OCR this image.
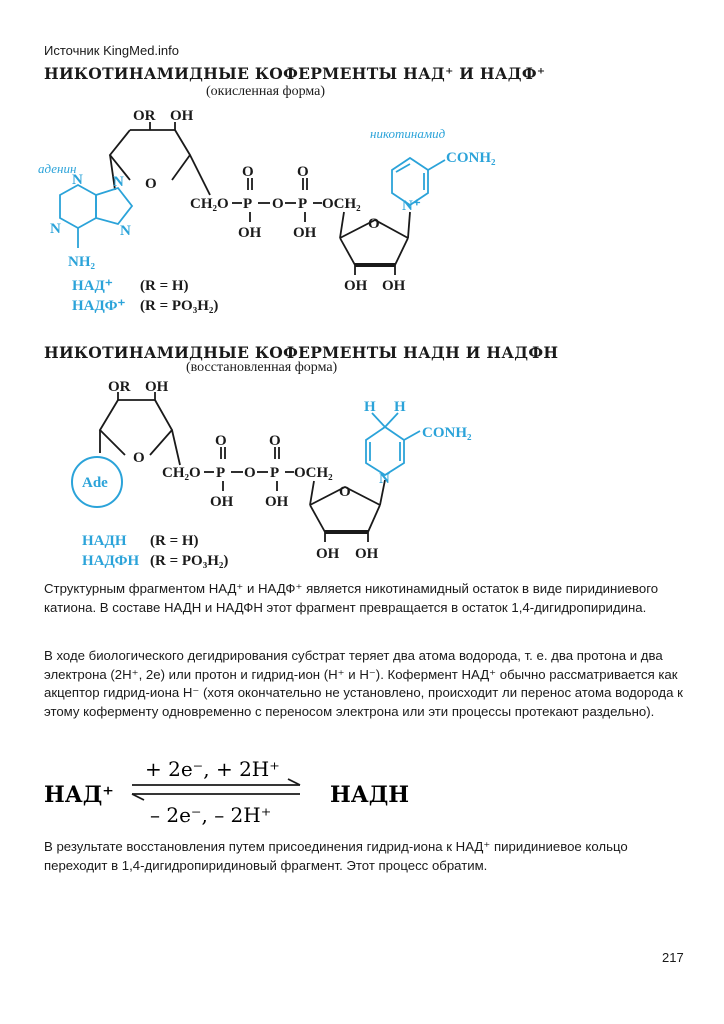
Источник KingMed.info
НИКОТИНАМИДНЫЕ КОФЕРМЕНТЫ НАД⁺ И НАДФ⁺
(окисленная форма)
OR OH
O
аденин
N N
N
N
NH₂
CH₂O P
O
OH
O P
O
OH
OCH₂
O
OH OH
никотинамид
CONH₂
N⁺
НАД⁺ (R = H)
НАДФ⁺ (R = PO₃H₂)
НИКОТИНАМИДНЫЕ КОФЕРМЕНТЫ НАДН И НАДФН
(восстановленная форма)
OR OH
O
Ade
CH₂O P
O
OH
O P
O
OH
OCH₂
O
OH OH
H H
CONH₂
N
НАДН (R = H)
НАДФН (R = PO₃H₂)
Структурным фрагментом НАД⁺ и НАДФ⁺ является никотинамидный остаток в виде пиридиниевого катиона. В составе НАДН и НАДФН этот фрагмент превращается в остаток 1,4-дигидропиридина.
В ходе биологического дегидрирования субстрат теряет два атома водорода, т. е. два протона и два электрона (2H⁺, 2e) или протон и гидрид-ион (H⁺ и H⁻). Кофермент НАД⁺ обычно рассматривается как акцептор гидрид-иона H⁻ (хотя окончательно не установлено, происходит ли перенос атома водорода к этому коферменту одновременно с переносом электрона или эти процессы протекают раздельно).
НАД⁺
+ 2e⁻, + 2H⁺
– 2e⁻, – 2H⁺
НАДН
В результате восстановления путем присоединения гидрид-иона к НАД⁺ пиридиниевое кольцо переходит в 1,4-дигидропиридиновый фрагмент. Этот процесс обратим.
217
